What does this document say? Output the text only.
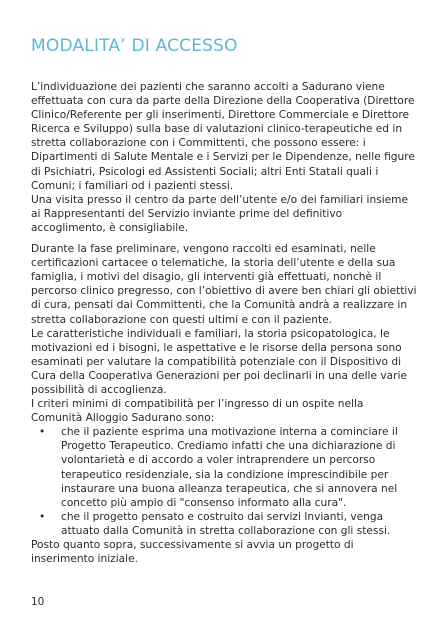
MODALITA’ DI ACCESSO

L’individuazione dei pazienti che saranno accolti a Sadurano viene effettuata con cura da parte della Direzione della Cooperativa (Direttore Clinico/Referente per gli inserimenti, Direttore Commerciale e Direttore Ricerca e Sviluppo) sulla base di valutazioni clinico-terapeutiche ed in stretta collaborazione con i Committenti, che possono essere: i Dipartimenti di Salute Mentale e i Servizi per le Dipendenze, nelle figure di Psichiatri, Psicologi ed Assistenti Sociali; altri Enti Statali quali i Comuni; i familiari od i pazienti stessi.

Una visita presso il centro da parte dell’utente e/o dei familiari insieme ai Rappresentanti del Servizio inviante prime del definitivo accoglimento, è consigliabile.

Durante la fase preliminare, vengono raccolti ed esaminati, nelle certificazioni cartacee o telematiche, la storia dell’utente e della sua famiglia, i motivi del disagio, gli interventi già effettuati, nonchè il percorso clinico pregresso, con l’obiettivo di avere ben chiari gli obiettivi di cura, pensati dai Committenti, che la Comunità andrà a realizzare in stretta collaborazione con questi ultimi e con il paziente.

Le caratteristiche individuali e familiari, la storia psicopatologica, le motivazioni ed i bisogni, le aspettative e le risorse della persona sono esaminati per valutare la compatibilità potenziale con il Dispositivo di Cura della Cooperativa Generazioni per poi declinarli in una delle varie possibilità di accoglienza.

I criteri minimi di compatibilità per l’ingresso di un ospite nella Comunità Alloggio Sadurano sono:

• che il paziente esprima una motivazione interna a cominciare il Progetto Terapeutico. Crediamo infatti che una dichiarazione di volontarietà e di accordo a voler intraprendere un percorso terapeutico residenziale, sia la condizione imprescindibile per instaurare una buona alleanza terapeutica, che si annovera nel concetto più ampio di "consenso informato alla cura".
• che il progetto pensato e costruito dai servizi Invianti, venga attuato dalla Comunità in stretta collaborazione con gli stessi.

Posto quanto sopra, successivamente si avvia un progetto di inserimento iniziale.

10
